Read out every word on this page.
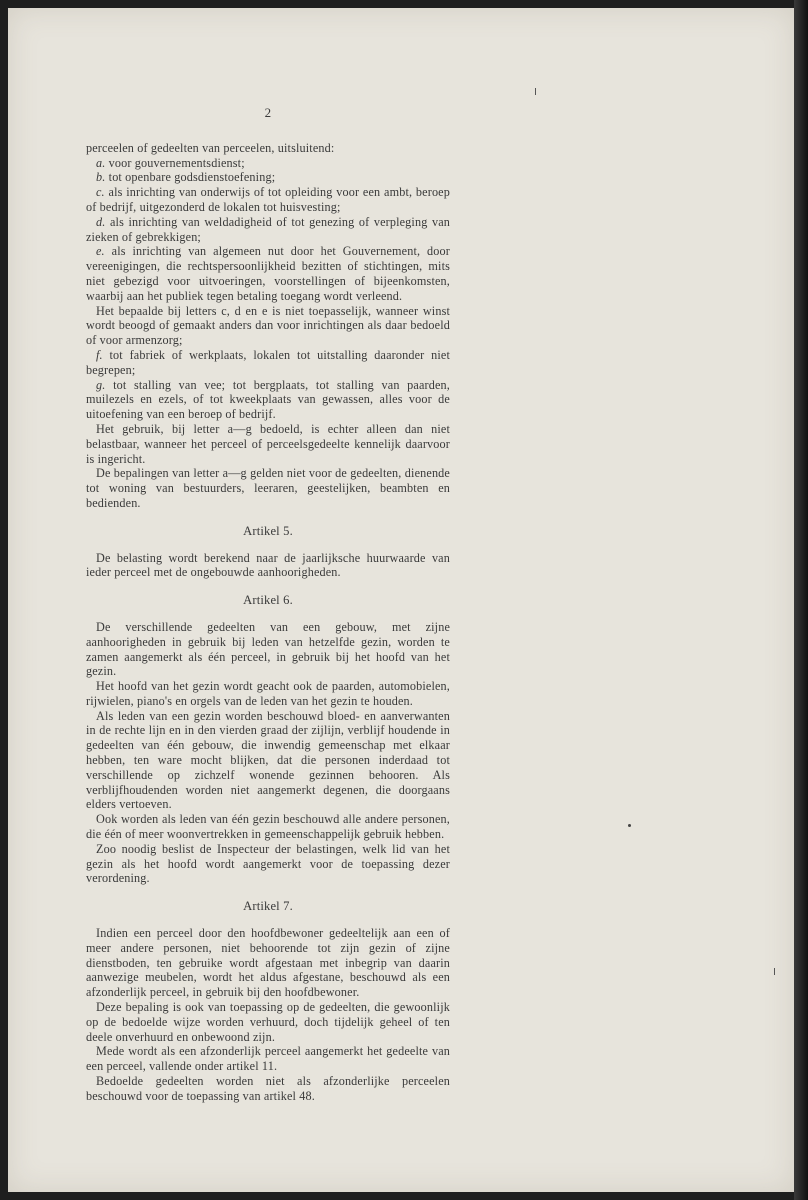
2

perceelen of gedeelten van perceelen, uitsluitend:

a. voor gouvernementsdienst;

b. tot openbare godsdienstoefening;

c. als inrichting van onderwijs of tot opleiding voor een ambt, beroep of bedrijf, uitgezonderd de lokalen tot huisvesting;

d. als inrichting van weldadigheid of tot genezing of verpleging van zieken of gebrekkigen;

e. als inrichting van algemeen nut door het Gouvernement, door vereenigingen, die rechtspersoonlijkheid bezitten of stichtingen, mits niet gebezigd voor uitvoeringen, voorstellingen of bijeenkomsten, waarbij aan het publiek tegen betaling toegang wordt verleend.

Het bepaalde bij letters c, d en e is niet toepasselijk, wanneer winst wordt beoogd of gemaakt anders dan voor inrichtingen als daar bedoeld of voor armenzorg;

f. tot fabriek of werkplaats, lokalen tot uitstalling daaronder niet begrepen;

g. tot stalling van vee; tot bergplaats, tot stalling van paarden, muilezels en ezels, of tot kweekplaats van gewassen, alles voor de uitoefening van een beroep of bedrijf.

Het gebruik, bij letter a—g bedoeld, is echter alleen dan niet belastbaar, wanneer het perceel of perceelsgedeelte kennelijk daarvoor is ingericht.

De bepalingen van letter a—g gelden niet voor de gedeelten, dienende tot woning van bestuurders, leeraren, geestelijken, beambten en bedienden.

Artikel 5.

De belasting wordt berekend naar de jaarlijksche huurwaarde van ieder perceel met de ongebouwde aanhoorigheden.

Artikel 6.

De verschillende gedeelten van een gebouw, met zijne aanhoorigheden in gebruik bij leden van hetzelfde gezin, worden te zamen aangemerkt als één perceel, in gebruik bij het hoofd van het gezin.

Het hoofd van het gezin wordt geacht ook de paarden, automobielen, rijwielen, piano's en orgels van de leden van het gezin te houden.

Als leden van een gezin worden beschouwd bloed- en aanverwanten in de rechte lijn en in den vierden graad der zijlijn, verblijf houdende in gedeelten van één gebouw, die inwendig gemeenschap met elkaar hebben, ten ware mocht blijken, dat die personen inderdaad tot verschillende op zichzelf wonende gezinnen behooren. Als verblijfhoudenden worden niet aangemerkt degenen, die doorgaans elders vertoeven.

Ook worden als leden van één gezin beschouwd alle andere personen, die één of meer woonvertrekken in gemeenschappelijk gebruik hebben.

Zoo noodig beslist de Inspecteur der belastingen, welk lid van het gezin als het hoofd wordt aangemerkt voor de toepassing dezer verordening.

Artikel 7.

Indien een perceel door den hoofdbewoner gedeeltelijk aan een of meer andere personen, niet behoorende tot zijn gezin of zijne dienstboden, ten gebruike wordt afgestaan met inbegrip van daarin aanwezige meubelen, wordt het aldus afgestane, beschouwd als een afzonderlijk perceel, in gebruik bij den hoofdbewoner.

Deze bepaling is ook van toepassing op de gedeelten, die gewoonlijk op de bedoelde wijze worden verhuurd, doch tijdelijk geheel of ten deele onverhuurd en onbewoond zijn.

Mede wordt als een afzonderlijk perceel aangemerkt het gedeelte van een perceel, vallende onder artikel 11.

Bedoelde gedeelten worden niet als afzonderlijke perceelen beschouwd voor de toepassing van artikel 48.
